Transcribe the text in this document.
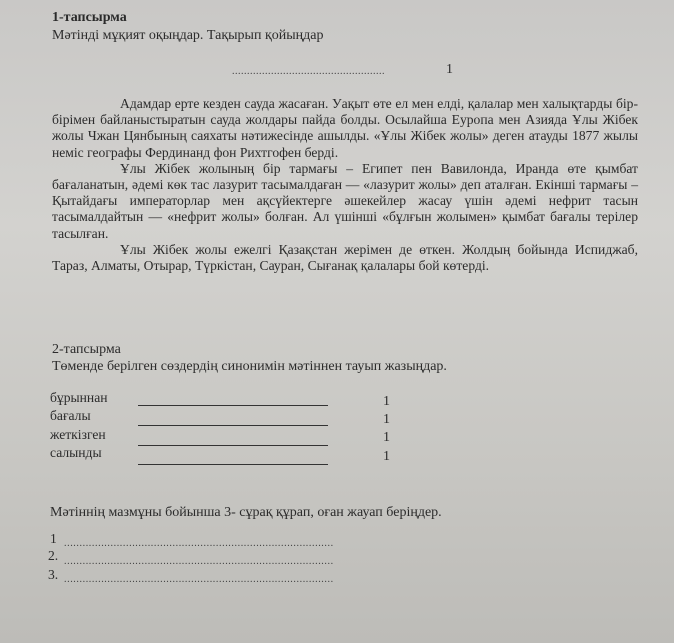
1-тапсырма
Мәтінді мұқият оқыңдар. Тақырып қойыңдар
...................................................	1

Адамдар ерте кезден сауда жасаған. Уақыт өте ел мен елді, қалалар мен халықтарды бір-бірімен байланыстыратын сауда жолдары пайда болды. Осылайша Еуропа мен Азияда Ұлы Жібек жолы Чжан Цянбының саяхаты нәтижесінде ашылды. «Ұлы Жібек жолы» деген атауды 1877 жылы неміс географы Фердинанд фон Рихтгофен берді.

Ұлы Жібек жолының бір тармағы – Египет пен Вавилонда, Иранда өте қымбат бағаланатын, әдемі көк тас лазурит тасымалдаған — «лазурит жолы» деп аталған. Екінші тармағы – Қытайдағы императорлар мен ақсүйектерге әшекейлер жасау үшін әдемі нефрит тасын тасымалдайтын — «нефрит жолы» болған. Ал үшінші «бұлғын жолымен» қымбат бағалы терілер тасылған.

Ұлы Жібек жолы ежелгі Қазақстан жерімен де өткен. Жолдың бойында Испиджаб, Тараз, Алматы, Отырар, Түркістан, Сауран, Сығанақ қалалары бой көтерді.

2-тапсырма
Төменде берілген сөздердің синонимін мәтіннен тауып жазыңдар.
бұрыннан	1
бағалы	1
жеткізген	1
салынды	1
Мәтіннің мазмұны бойынша 3- сұрақ құрап, оған жауап беріңдер.
1 .......................................................................................
2. .......................................................................................
3. .......................................................................................
